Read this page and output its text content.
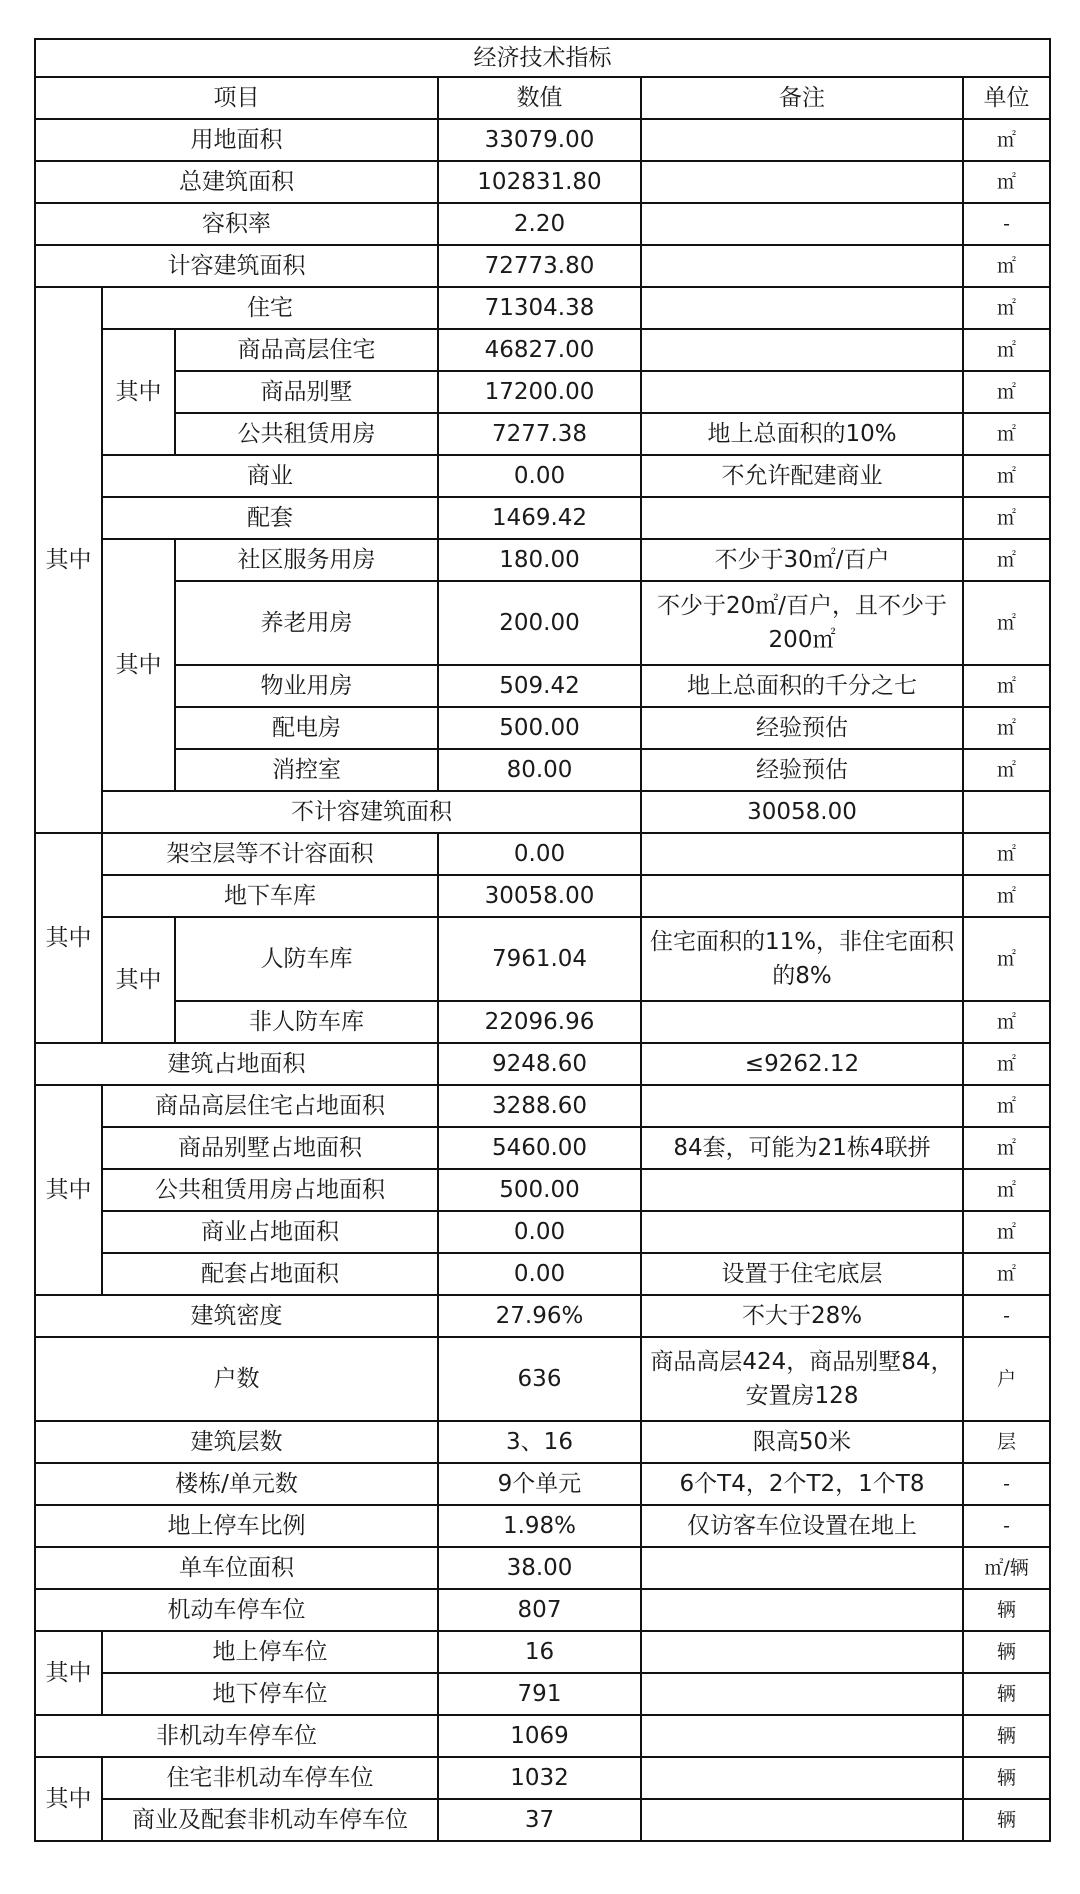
经济技术指标						
项目			数值	备注	单位	
用地面积			33079.00		㎡	
总建筑面积			102831.80		㎡	
容积率			2.20		-	
计容建筑面积			72773.80		㎡	
其中	住宅		71304.38		㎡	
	其中	商品高层住宅	46827.00		㎡	
		商品别墅	17200.00		㎡	
		公共租赁用房	7277.38	地上总面积的10%	㎡	
	商业		0.00	不允许配建商业	㎡	
	配套		1469.42		㎡	
	其中	社区服务用房	180.00	不少于30㎡/百户	㎡	
		养老用房	200.00	不少于20㎡/百户，且不少于200㎡	㎡	
		物业用房	509.42	地上总面积的千分之七	㎡	
		配电房	500.00	经验预估	㎡	
		消控室	80.00	经验预估	㎡	
	不计容建筑面积			30058.00		
其中	架空层等不计容面积		0.00		㎡	
	地下车库		30058.00		㎡	
	其中	人防车库	7961.04	住宅面积的11%，非住宅面积的8%	㎡	
		非人防车库	22096.96		㎡	
建筑占地面积			9248.60	≤9262.12	㎡	
其中	商品高层住宅占地面积		3288.60		㎡	
	商品别墅占地面积		5460.00	84套，可能为21栋4联拼	㎡	
	公共租赁用房占地面积		500.00		㎡	
	商业占地面积		0.00		㎡	
	配套占地面积		0.00	设置于住宅底层	㎡	
建筑密度			27.96%	不大于28%	-	
户数			636	商品高层424，商品别墅84，安置房128	户	
建筑层数			3、16	限高50米	层	
楼栋/单元数			9个单元	6个T4，2个T2，1个T8	-	
地上停车比例			1.98%	仅访客车位设置在地上	-	
单车位面积			38.00		㎡/辆	
机动车停车位			807		辆	
其中	地上停车位		16		辆	
	地下停车位		791		辆	
非机动车停车位			1069		辆	
其中	住宅非机动车停车位		1032		辆	
	商业及配套非机动车停车位		37		辆	
